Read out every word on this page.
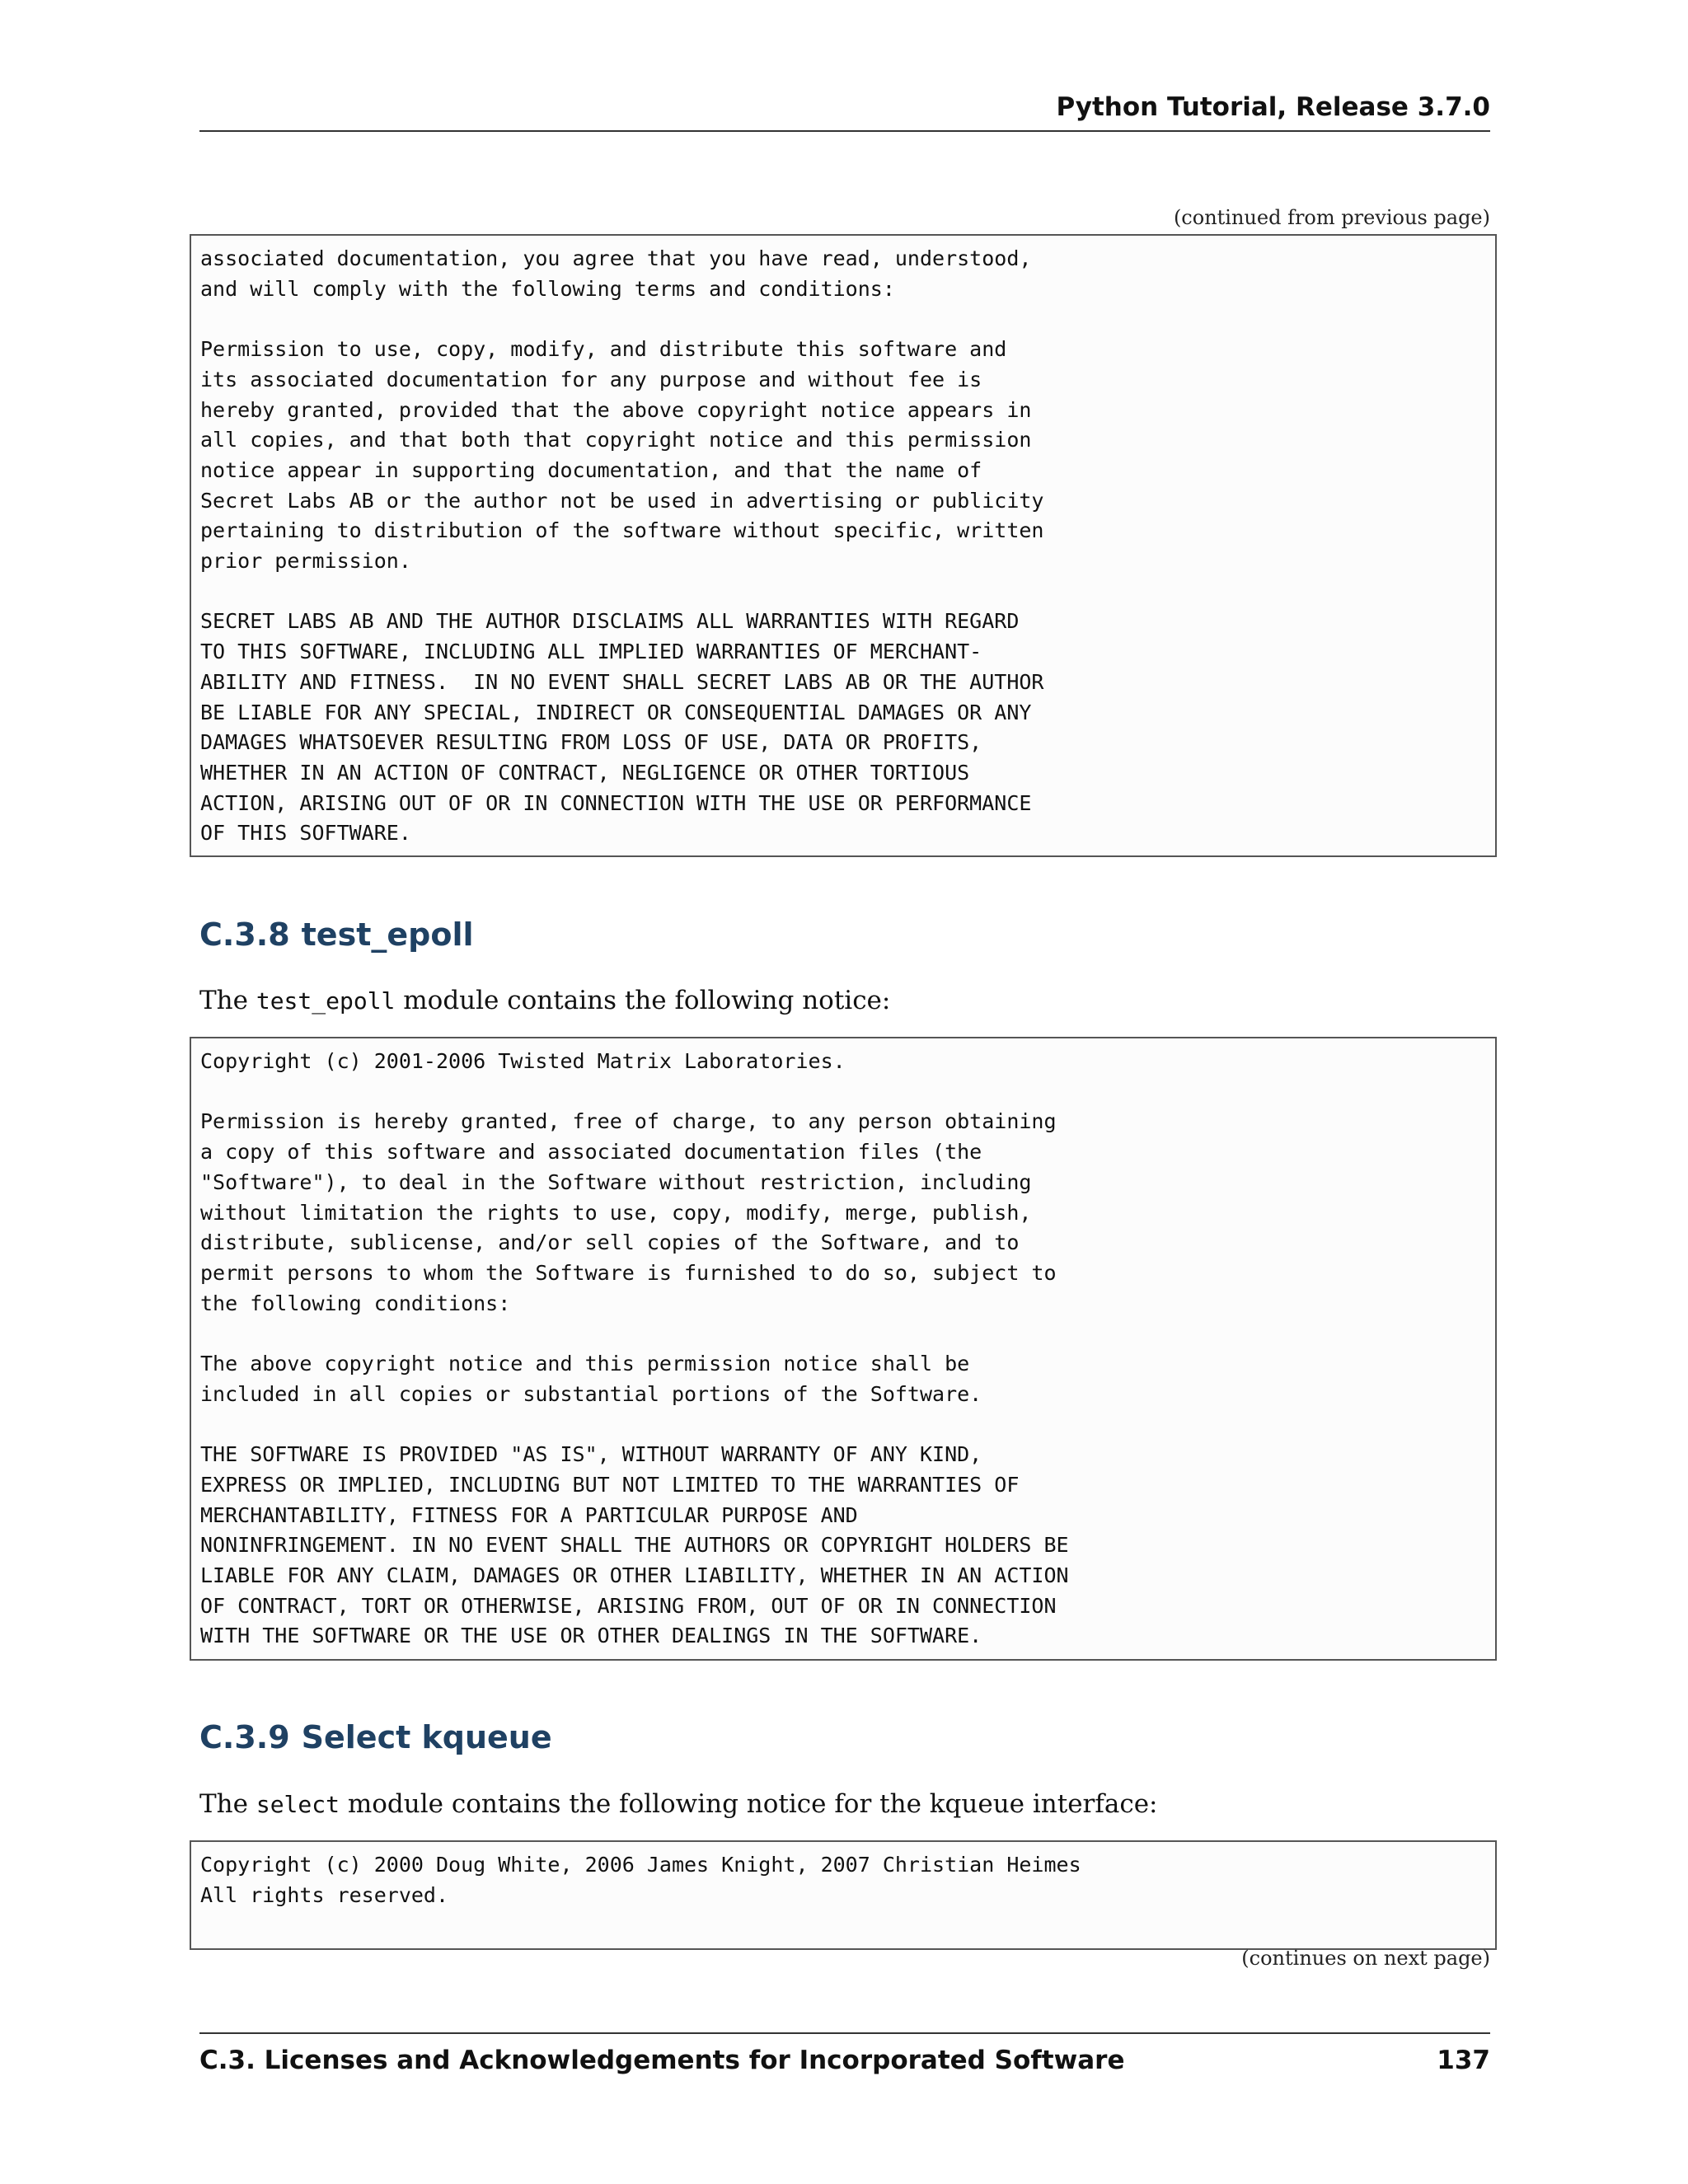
Python Tutorial, Release 3.7.0
(continued from previous page)
associated documentation, you agree that you have read, understood,
and will comply with the following terms and conditions:

Permission to use, copy, modify, and distribute this software and
its associated documentation for any purpose and without fee is
hereby granted, provided that the above copyright notice appears in
all copies, and that both that copyright notice and this permission
notice appear in supporting documentation, and that the name of
Secret Labs AB or the author not be used in advertising or publicity
pertaining to distribution of the software without specific, written
prior permission.

SECRET LABS AB AND THE AUTHOR DISCLAIMS ALL WARRANTIES WITH REGARD
TO THIS SOFTWARE, INCLUDING ALL IMPLIED WARRANTIES OF MERCHANT-
ABILITY AND FITNESS.  IN NO EVENT SHALL SECRET LABS AB OR THE AUTHOR
BE LIABLE FOR ANY SPECIAL, INDIRECT OR CONSEQUENTIAL DAMAGES OR ANY
DAMAGES WHATSOEVER RESULTING FROM LOSS OF USE, DATA OR PROFITS,
WHETHER IN AN ACTION OF CONTRACT, NEGLIGENCE OR OTHER TORTIOUS
ACTION, ARISING OUT OF OR IN CONNECTION WITH THE USE OR PERFORMANCE
OF THIS SOFTWARE.
C.3.8 test_epoll

The test_epoll module contains the following notice:

Copyright (c) 2001-2006 Twisted Matrix Laboratories.

Permission is hereby granted, free of charge, to any person obtaining
a copy of this software and associated documentation files (the
"Software"), to deal in the Software without restriction, including
without limitation the rights to use, copy, modify, merge, publish,
distribute, sublicense, and/or sell copies of the Software, and to
permit persons to whom the Software is furnished to do so, subject to
the following conditions:

The above copyright notice and this permission notice shall be
included in all copies or substantial portions of the Software.

THE SOFTWARE IS PROVIDED "AS IS", WITHOUT WARRANTY OF ANY KIND,
EXPRESS OR IMPLIED, INCLUDING BUT NOT LIMITED TO THE WARRANTIES OF
MERCHANTABILITY, FITNESS FOR A PARTICULAR PURPOSE AND
NONINFRINGEMENT. IN NO EVENT SHALL THE AUTHORS OR COPYRIGHT HOLDERS BE
LIABLE FOR ANY CLAIM, DAMAGES OR OTHER LIABILITY, WHETHER IN AN ACTION
OF CONTRACT, TORT OR OTHERWISE, ARISING FROM, OUT OF OR IN CONNECTION
WITH THE SOFTWARE OR THE USE OR OTHER DEALINGS IN THE SOFTWARE.
C.3.9 Select kqueue

The select module contains the following notice for the kqueue interface:

Copyright (c) 2000 Doug White, 2006 James Knight, 2007 Christian Heimes
All rights reserved.
(continues on next page)
C.3. Licenses and Acknowledgements for Incorporated Software	137
